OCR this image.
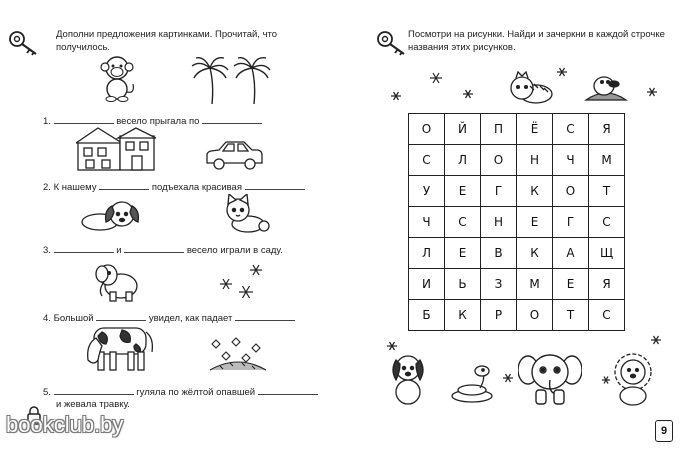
Дополни предложения картинками. Прочитай, что получилось.
1.	весело прыгала по
2. К нашему	подъехала красивая
3.	и	весело играли в саду.
4. Большой	увидел, как падает
5.	гуляла по жёлтой опавшей
и жевала травку.
bookclub.by
Посмотри на рисунки. Найди и зачеркни в каждой строчке названия этих рисунков.
О	Й	П	Ё	С	Я
С	Л	О	Н	Ч	М
У	Е	Г	К	О	Т
Ч	С	Н	Е	Г	С
Л	Е	В	К	А	Щ
И	Ь	З	М	Е	Я
Б	К	Р	О	Т	С
9
